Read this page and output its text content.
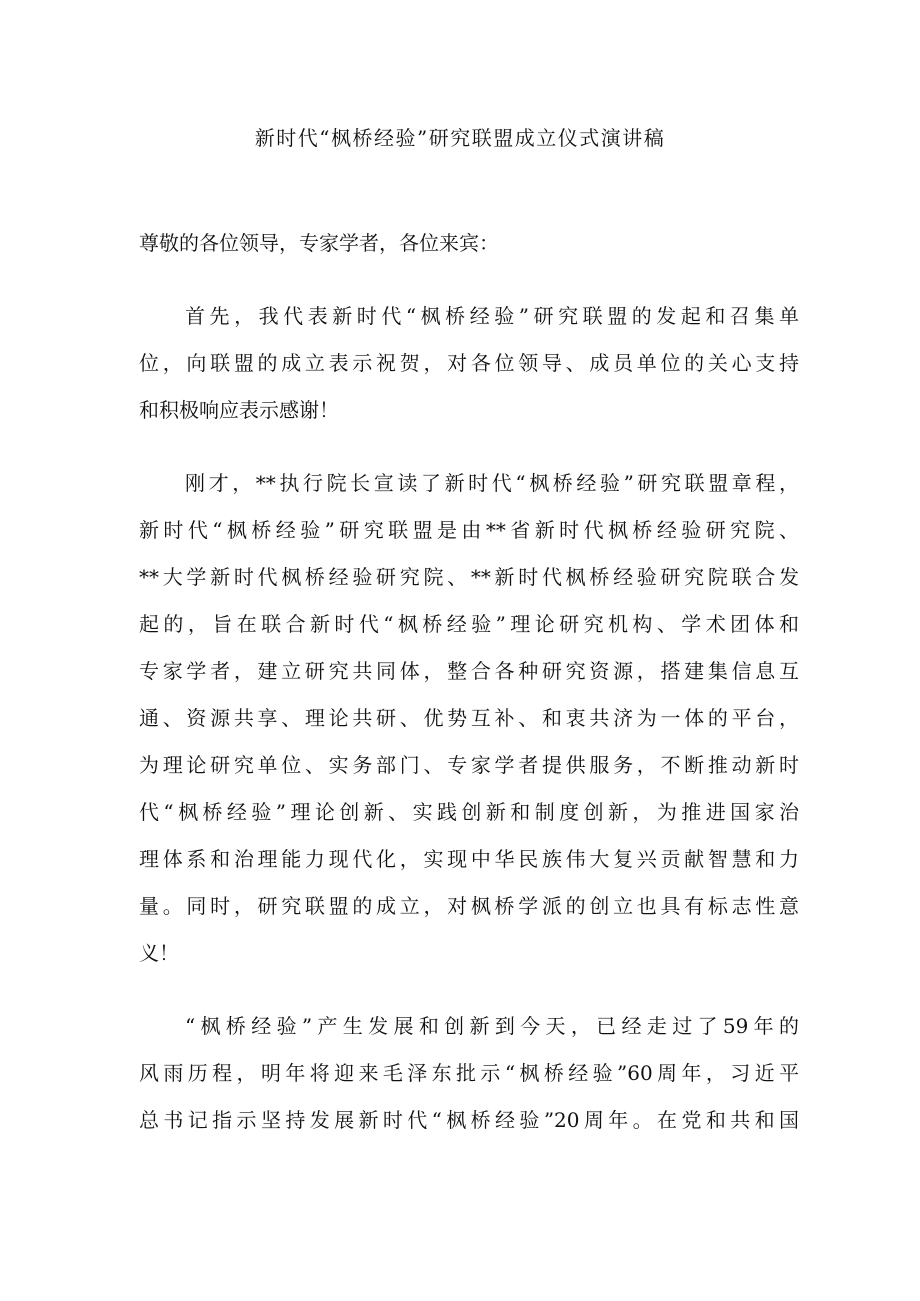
新时代“枫桥经验”研究联盟成立仪式演讲稿
尊敬的各位领导，专家学者，各位来宾：
首先，我代表新时代“枫桥经验”研究联盟的发起和召集单
位，向联盟的成立表示祝贺，对各位领导、成员单位的关心支持
和积极响应表示感谢！
刚才，**执行院长宣读了新时代“枫桥经验”研究联盟章程，
新时代“枫桥经验”研究联盟是由**省新时代枫桥经验研究院、
**大学新时代枫桥经验研究院、**新时代枫桥经验研究院联合发
起的，旨在联合新时代“枫桥经验”理论研究机构、学术团体和
专家学者，建立研究共同体，整合各种研究资源，搭建集信息互
通、资源共享、理论共研、优势互补、和衷共济为一体的平台，
为理论研究单位、实务部门、专家学者提供服务，不断推动新时
代“枫桥经验”理论创新、实践创新和制度创新，为推进国家治
理体系和治理能力现代化，实现中华民族伟大复兴贡献智慧和力
量。同时，研究联盟的成立，对枫桥学派的创立也具有标志性意
义！
“枫桥经验”产生发展和创新到今天，已经走过了59年的
风雨历程，明年将迎来毛泽东批示“枫桥经验”60周年，习近平
总书记指示坚持发展新时代“枫桥经验”20周年。在党和共和国
